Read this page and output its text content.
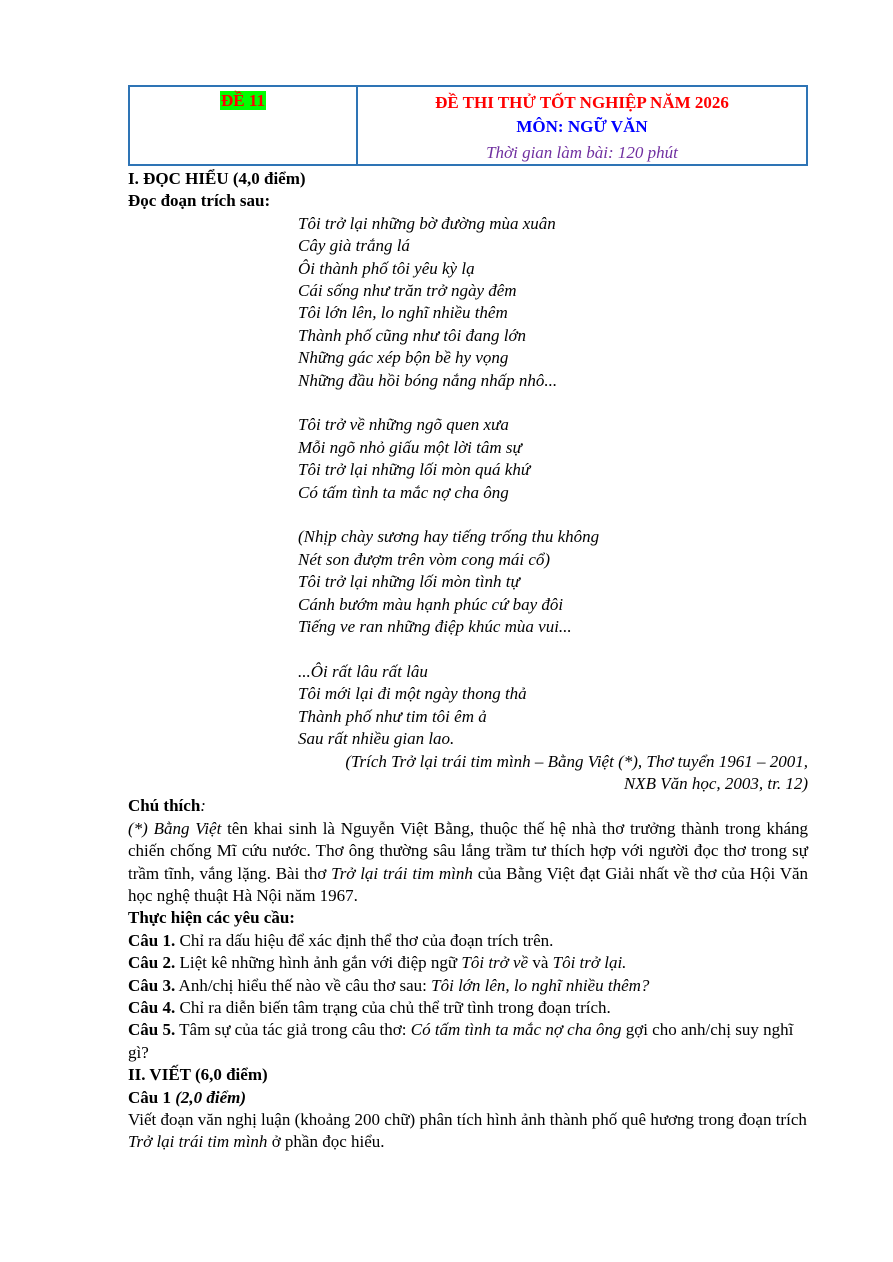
ĐỀ 11	ĐỀ THI THỬ TỐT NGHIỆP NĂM 2026
MÔN: NGỮ VĂN
Thời gian làm bài: 120 phút

I. ĐỌC HIỂU (4,0 điểm)

Đọc đoạn trích sau:

Tôi trở lại những bờ đường mùa xuân

Cây già trắng lá

Ôi thành phố tôi yêu kỳ lạ

Cái sống như trăn trở ngày đêm

Tôi lớn lên, lo nghĩ nhiều thêm

Thành phố cũng như tôi đang lớn

Những gác xép bộn bề hy vọng

Những đầu hồi bóng nắng nhấp nhô...

Tôi trở về những ngõ quen xưa

Mỗi ngõ nhỏ giấu một lời tâm sự

Tôi trở lại những lối mòn quá khứ

Có tấm tình ta mắc nợ cha ông

(Nhịp chày sương hay tiếng trống thu không

Nét son đượm trên vòm cong mái cổ)

Tôi trở lại những lối mòn tình tự

Cánh bướm màu hạnh phúc cứ bay đôi

Tiếng ve ran những điệp khúc mùa vui...

...Ôi rất lâu rất lâu

Tôi mới lại đi một ngày thong thả

Thành phố như tim tôi êm ả

Sau rất nhiều gian lao.

(Trích Trở lại trái tim mình – Bằng Việt (*), Thơ tuyển 1961 – 2001,

NXB Văn học, 2003, tr. 12)

Chú thích:

(*) Bằng Việt tên khai sinh là Nguyễn Việt Bằng, thuộc thế hệ nhà thơ trưởng thành trong kháng chiến chống Mĩ cứu nước. Thơ ông thường sâu lắng trầm tư thích hợp với người đọc thơ trong sự trầm tĩnh, vắng lặng. Bài thơ Trở lại trái tim mình của Bằng Việt đạt Giải nhất về thơ của Hội Văn học nghệ thuật Hà Nội năm 1967.

Thực hiện các yêu cầu:

Câu 1. Chỉ ra dấu hiệu để xác định thể thơ của đoạn trích trên.

Câu 2. Liệt kê những hình ảnh gắn với điệp ngữ Tôi trở về và Tôi trở lại.

Câu 3. Anh/chị hiểu thế nào về câu thơ sau: Tôi lớn lên, lo nghĩ nhiều thêm?

Câu 4. Chỉ ra diễn biến tâm trạng của chủ thể trữ tình trong đoạn trích.

Câu 5. Tâm sự của tác giả trong câu thơ: Có tấm tình ta mắc nợ cha ông gợi cho anh/chị suy nghĩ gì?

II. VIẾT (6,0 điểm)

Câu 1 (2,0 điểm)

Viết đoạn văn nghị luận (khoảng 200 chữ) phân tích hình ảnh thành phố quê hương trong đoạn trích Trở lại trái tim mình ở phần đọc hiểu.
